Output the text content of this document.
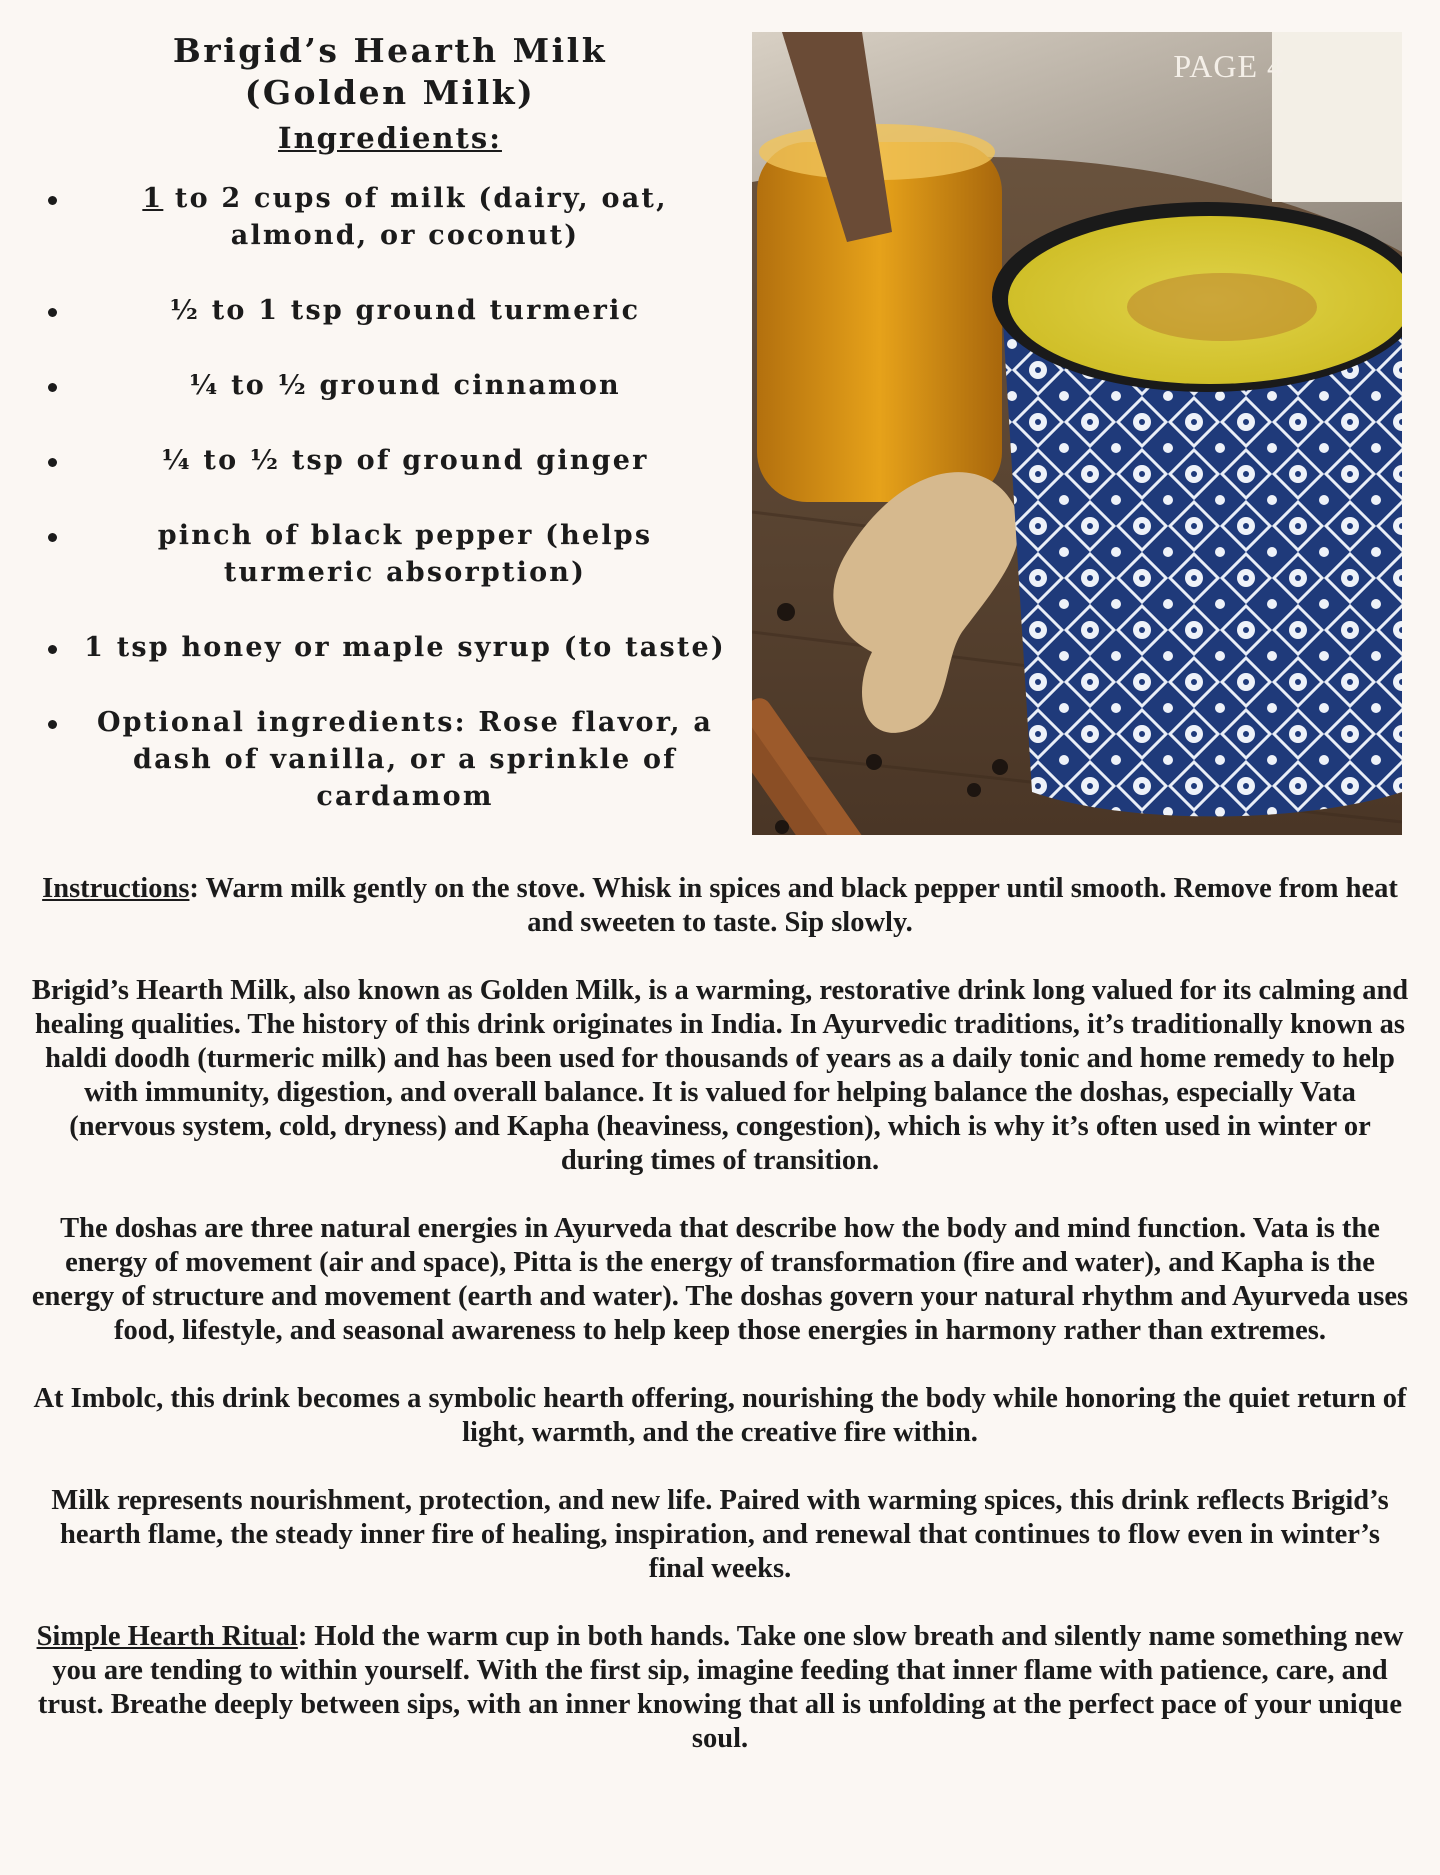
Brigid’s Hearth Milk
(Golden Milk)

Ingredients:

1 to 2 cups of milk (dairy, oat, almond, or coconut)
½ to 1 tsp ground turmeric
¼ to ½ ground cinnamon
¼ to ½ tsp of ground ginger
pinch of black pepper (helps turmeric absorption)
1 tsp honey or maple syrup (to taste)
Optional ingredients: Rose flavor, a dash of vanilla, or a sprinkle of cardamom
PAGE 4

Instructions: Warm milk gently on the stove. Whisk in spices and black pepper until smooth. Remove from heat and sweeten to taste. Sip slowly.

Brigid’s Hearth Milk, also known as Golden Milk, is a warming, restorative drink long valued for its calming and healing qualities. The history of this drink originates in India. In Ayurvedic traditions, it’s traditionally known as haldi doodh (turmeric milk) and has been used for thousands of years as a daily tonic and home remedy to help with immunity, digestion, and overall balance. It is valued for helping balance the doshas, especially Vata (nervous system, cold, dryness) and Kapha (heaviness, congestion), which is why it’s often used in winter or during times of transition.

The doshas are three natural energies in Ayurveda that describe how the body and mind function. Vata is the energy of movement (air and space), Pitta is the energy of transformation (fire and water), and Kapha is the energy of structure and movement (earth and water). The doshas govern your natural rhythm and Ayurveda uses food, lifestyle, and seasonal awareness to help keep those energies in harmony rather than extremes.

At Imbolc, this drink becomes a symbolic hearth offering, nourishing the body while honoring the quiet return of light, warmth, and the creative fire within.

Milk represents nourishment, protection, and new life. Paired with warming spices, this drink reflects Brigid’s hearth flame, the steady inner fire of healing, inspiration, and renewal that continues to flow even in winter’s final weeks.

Simple Hearth Ritual: Hold the warm cup in both hands. Take one slow breath and silently name something new you are tending to within yourself. With the first sip, imagine feeding that inner flame with patience, care, and trust. Breathe deeply between sips, with an inner knowing that all is unfolding at the perfect pace of your unique soul.
